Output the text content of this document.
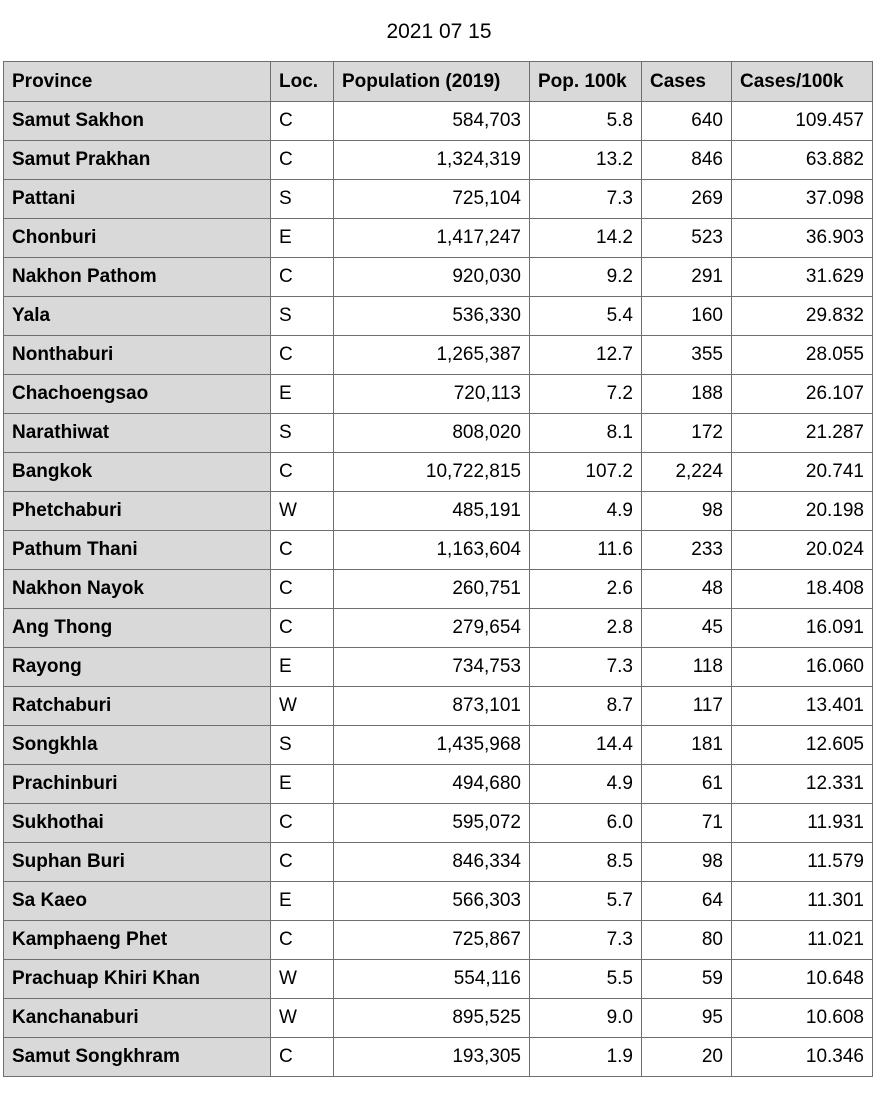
2021 07 15
Province	Loc.	Population (2019)	Pop. 100k	Cases	Cases/100k
Samut Sakhon	C	584,703	5.8	640	109.457
Samut Prakhan	C	1,324,319	13.2	846	63.882
Pattani	S	725,104	7.3	269	37.098
Chonburi	E	1,417,247	14.2	523	36.903
Nakhon Pathom	C	920,030	9.2	291	31.629
Yala	S	536,330	5.4	160	29.832
Nonthaburi	C	1,265,387	12.7	355	28.055
Chachoengsao	E	720,113	7.2	188	26.107
Narathiwat	S	808,020	8.1	172	21.287
Bangkok	C	10,722,815	107.2	2,224	20.741
Phetchaburi	W	485,191	4.9	98	20.198
Pathum Thani	C	1,163,604	11.6	233	20.024
Nakhon Nayok	C	260,751	2.6	48	18.408
Ang Thong	C	279,654	2.8	45	16.091
Rayong	E	734,753	7.3	118	16.060
Ratchaburi	W	873,101	8.7	117	13.401
Songkhla	S	1,435,968	14.4	181	12.605
Prachinburi	E	494,680	4.9	61	12.331
Sukhothai	C	595,072	6.0	71	11.931
Suphan Buri	C	846,334	8.5	98	11.579
Sa Kaeo	E	566,303	5.7	64	11.301
Kamphaeng Phet	C	725,867	7.3	80	11.021
Prachuap Khiri Khan	W	554,116	5.5	59	10.648
Kanchanaburi	W	895,525	9.0	95	10.608
Samut Songkhram	C	193,305	1.9	20	10.346
